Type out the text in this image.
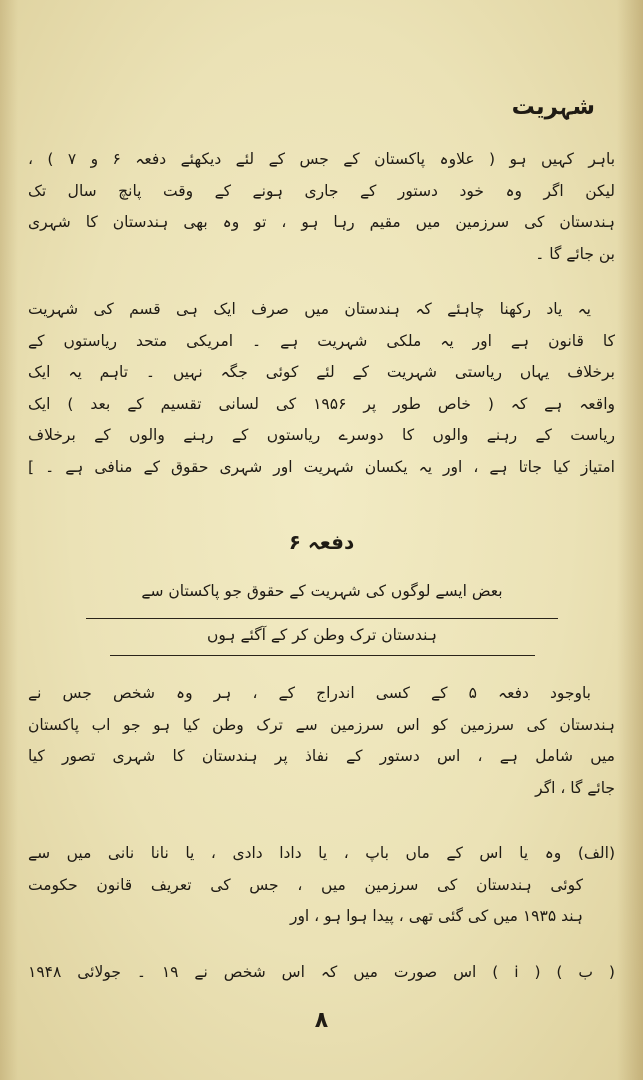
شہریت
باہر کہیں ہو ( علاوہ پاکستان کے جس کے لئے دیکھئے دفعہ ۶ و ۷ ) ،
لیکن اگر وہ خود دستور کے جاری ہونے کے وقت پانچ سال تک
ہندستان کی سرزمین میں مقیم رہا ہو ، تو وہ بھی ہندستان کا شہری
بن جائے گا ۔
یہ یاد رکھنا چاہئے کہ ہندستان میں صرف ایک ہی قسم کی شہریت
کا قانون ہے اور یہ ملکی شہریت ہے ۔ امریکی متحد ریاستوں کے
برخلاف یہاں ریاستی شہریت کے لئے کوئی جگہ نہیں ۔ تاہم یہ ایک
واقعہ ہے کہ ( خاص طور پر ۱۹۵۶ کی لسانی تقسیم کے بعد ) ایک
ریاست کے رہنے والوں کا دوسرے ریاستوں کے رہنے والوں کے برخلاف
امتیاز کیا جاتا ہے ، اور یہ یکسان شہریت اور شہری حقوق کے منافی ہے ۔ ]
دفعہ ۶

بعض ایسے لوگوں کی شہریت کے حقوق جو پاکستان سے

ہندستان ترک وطن کر کے آگئے ہوں

باوجود دفعہ ۵ کے کسی اندراج کے ، ہر وہ شخص جس نے
ہندستان کی سرزمین کو اس سرزمین سے ترک وطن کیا ہو جو اب پاکستان
میں شامل ہے ، اس دستور کے نفاذ پر ہندستان کا شہری تصور کیا
جائے گا ، اگر
(الف) وہ یا اس کے ماں باپ ، یا دادا دادی ، یا نانا نانی میں سے
کوئی ہندستان کی سرزمین میں ، جس کی تعریف قانون حکومت
ہند ۱۹۳۵ میں کی گئی تھی ، پیدا ہوا ہو ، اور
( ب ) ( i ) اس صورت میں کہ اس شخص نے ۱۹ ۔ جولائی ۱۹۴۸
۸
